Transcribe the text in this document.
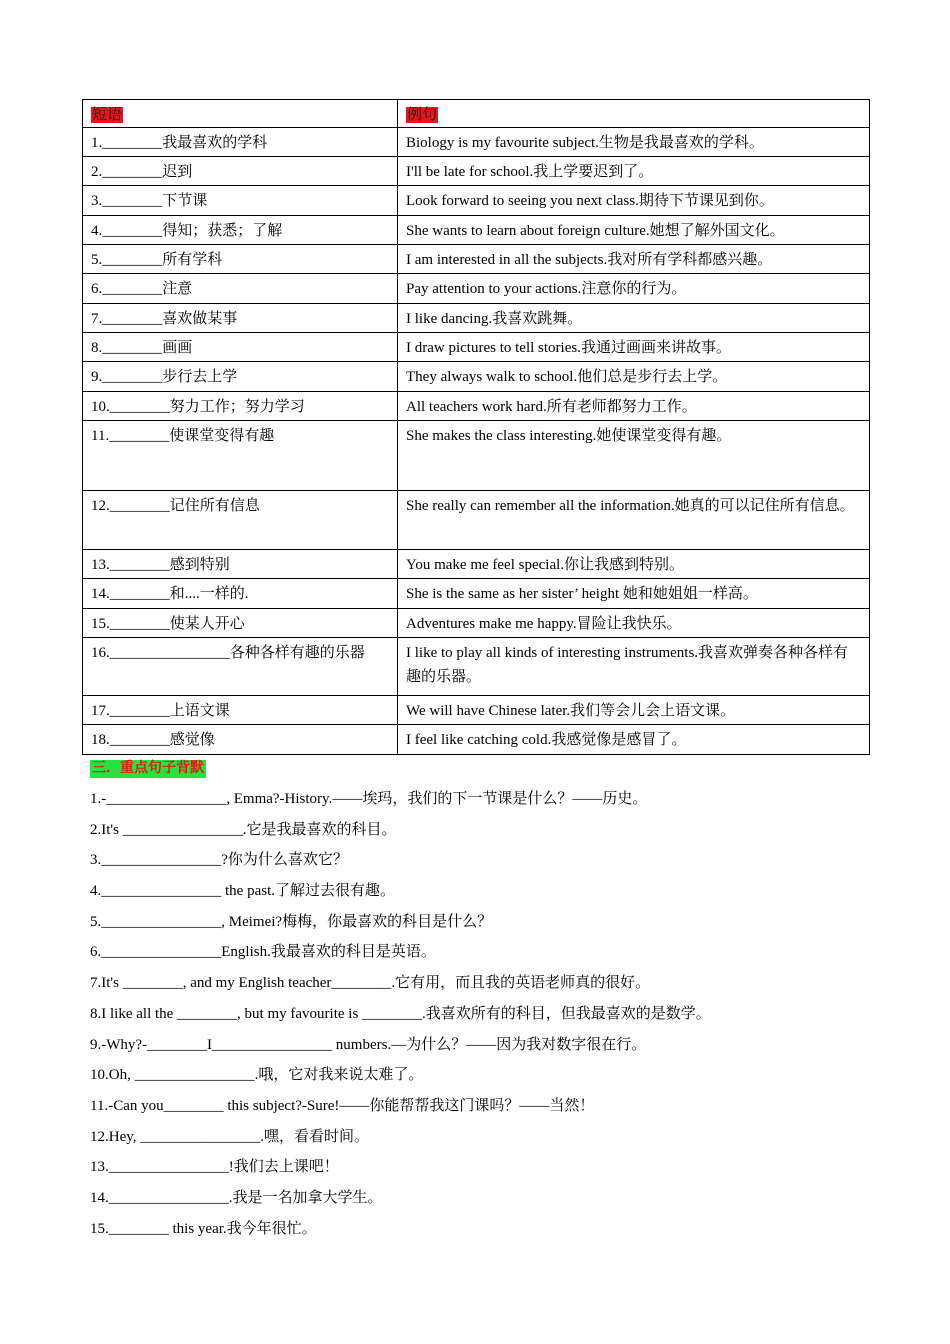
短语	例句
1.________我最喜欢的学科	Biology is my favourite subject.生物是我最喜欢的学科。
2.________迟到	I'll be late for school.我上学要迟到了。
3.________下节课	Look forward to seeing you next class.期待下节课见到你。
4.________得知；获悉；了解	She wants to learn about foreign culture.她想了解外国文化。
5.________所有学科	I am interested in all the subjects.我对所有学科都感兴趣。
6.________注意	Pay attention to your actions.注意你的行为。
7.________喜欢做某事	I like dancing.我喜欢跳舞。
8.________画画	I draw pictures to tell stories.我通过画画来讲故事。
9.________步行去上学	They always walk to school.他们总是步行去上学。
10.________努力工作；努力学习	All teachers work hard.所有老师都努力工作。
11.________使课堂变得有趣	She makes the class interesting.她使课堂变得有趣。
12.________记住所有信息	She really can remember all the information.她真的可以记住所有信息。
13.________感到特别	You make me feel special.你让我感到特别。
14.________和....一样的.	She is the same as her sister’ height 她和她姐姐一样高。
15.________使某人开心	Adventures make me happy.冒险让我快乐。
16.________________各种各样有趣的乐器	I like to play all kinds of interesting instruments.我喜欢弹奏各种各样有趣的乐器。
17.________上语文课	We will have Chinese later.我们等会儿会上语文课。
18.________感觉像	I feel like catching cold.我感觉像是感冒了。
三．重点句子背默
1.-________________, Emma?-History.——埃玛，我们的下一节课是什么？——历史。
2.It's ________________.它是我最喜欢的科目。
3.________________?你为什么喜欢它？
4.________________ the past.了解过去很有趣。
5.________________, Meimei?梅梅，你最喜欢的科目是什么？
6.________________English.我最喜欢的科目是英语。
7.It's ________, and my English teacher________.它有用，而且我的英语老师真的很好。
8.I like all the ________, but my favourite is ________.我喜欢所有的科目，但我最喜欢的是数学。
9.-Why?-________I________________ numbers.—为什么？——因为我对数字很在行。
10.Oh, ________________.哦，它对我来说太难了。
11.-Can you________ this subject?-Sure!——你能帮帮我这门课吗？——当然！
12.Hey, ________________.嘿，看看时间。
13.________________!我们去上课吧！
14.________________.我是一名加拿大学生。
15.________ this year.我今年很忙。
